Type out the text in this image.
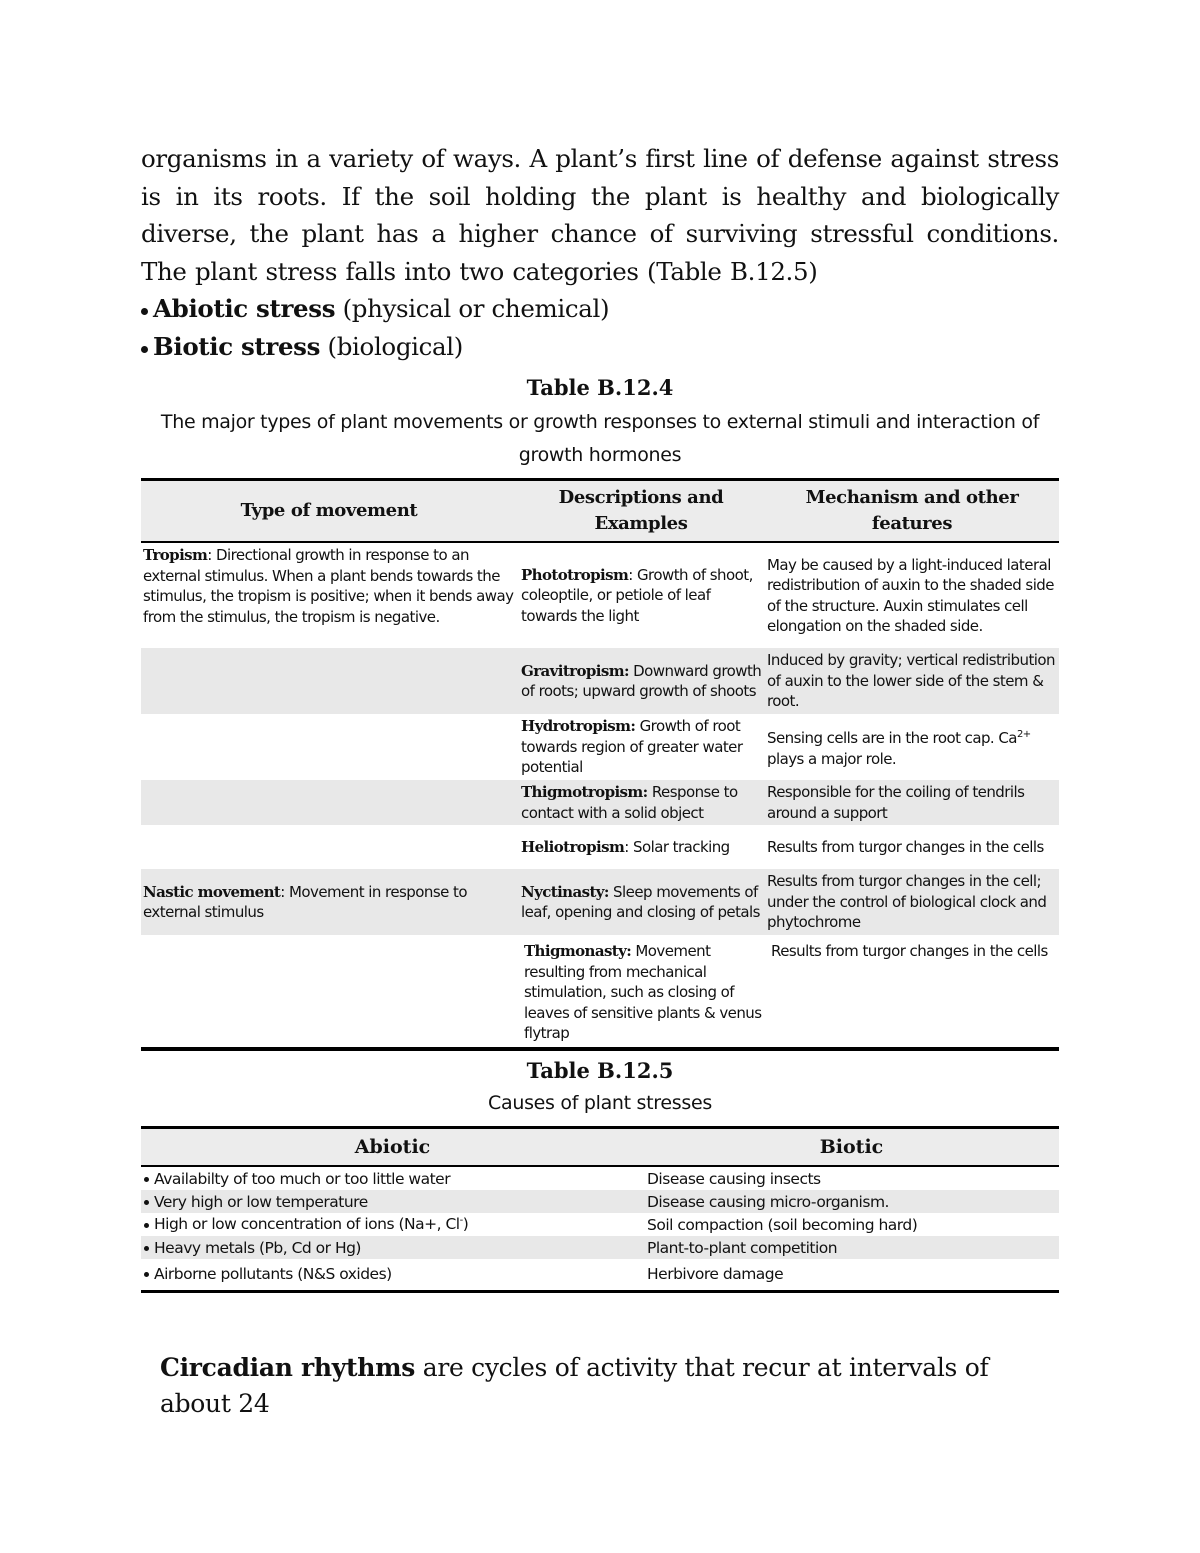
organisms in a variety of ways. A plant’s first line of defense against stress is in its roots. If the soil holding the plant is healthy and biologically diverse, the plant has a higher chance of surviving stressful conditions. The plant stress falls into two categories (Table B.12.5)

Abiotic stress (physical or chemical)
Biotic stress (biological)

Table B.12.4

The major types of plant movements or growth responses to external stimuli and interaction of growth hormones

Type of movement	Descriptions and Examples	Mechanism and other features
Tropism: Directional growth in response to an external stimulus. When a plant bends towards the stimulus, the tropism is positive; when it bends away from the stimulus, the tropism is negative.	Phototropism: Growth of shoot, coleoptile, or petiole of leaf towards the light	May be caused by a light-induced lateral redistribution of auxin to the shaded side of the structure. Auxin stimulates cell elongation on the shaded side.
	Gravitropism: Downward growth of roots; upward growth of shoots	Induced by gravity; vertical redistribution of auxin to the lower side of the stem & root.
	Hydrotropism: Growth of root towards region of greater water potential	Sensing cells are in the root cap. $Ca^{2+}$ plays a major role.
	Thigmotropism: Response to contact with a solid object	Responsible for the coiling of tendrils around a support
	Heliotropism: Solar tracking	Results from turgor changes in the cells
Nastic movement: Movement in response to external stimulus	Nyctinasty: Sleep movements of leaf, opening and closing of petals	Results from turgor changes in the cell; under the control of biological clock and phytochrome
	Thigmonasty: Movement resulting from mechanical stimulation, such as closing of leaves of sensitive plants & venus flytrap	Results from turgor changes in the cells

Table B.12.5

Causes of plant stresses

Abiotic	Biotic
Availabilty of too much or too little water	Disease causing insects
Very high or low temperature	Disease causing micro-organism.
High or low concentration of ions (Na+, Cl-)	Soil compaction (soil becoming hard)
Heavy metals (Pb, Cd or Hg)	Plant-to-plant competition
Airborne pollutants (N&S oxides)	Herbivore damage

Circadian rhythms are cycles of activity that recur at intervals of about 24
